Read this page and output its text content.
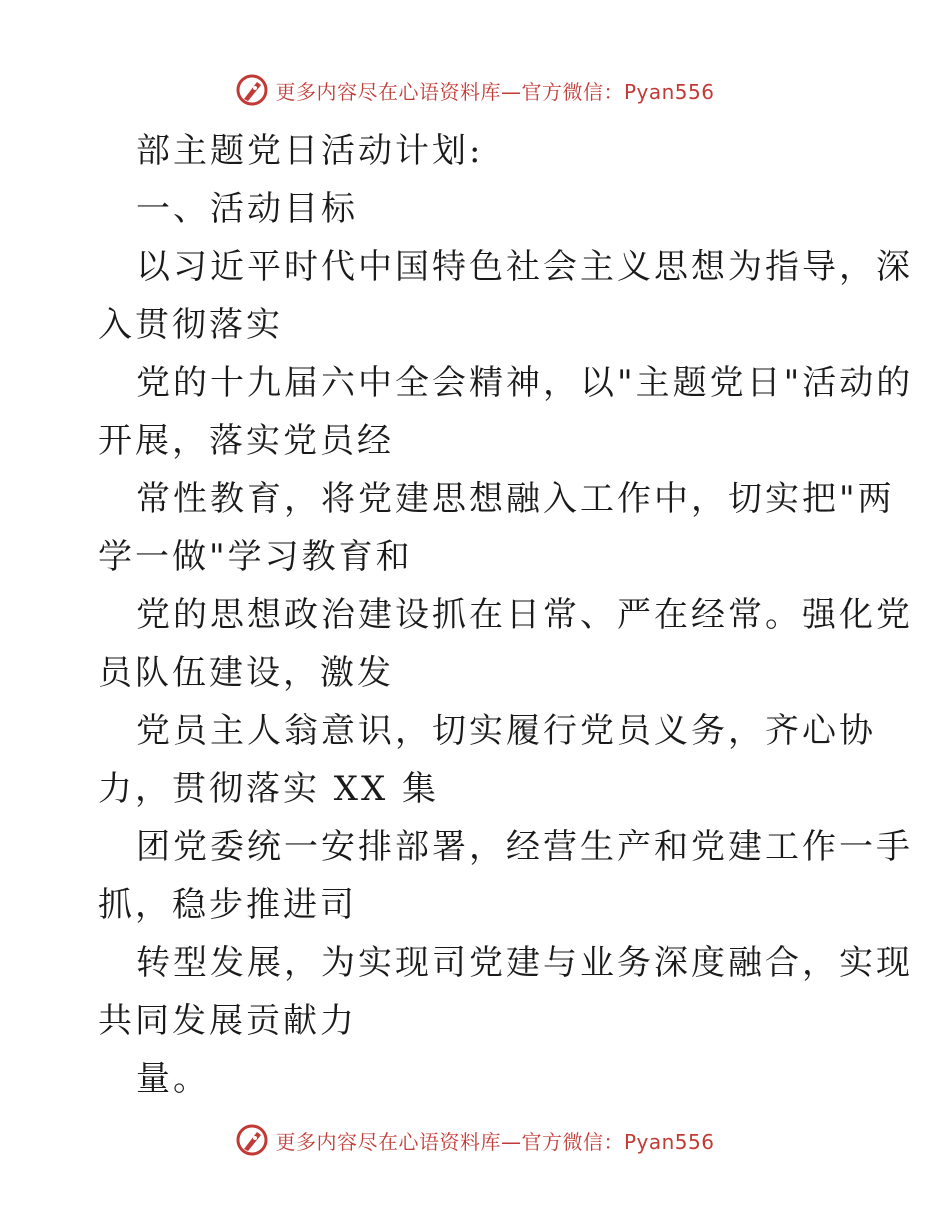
更多内容尽在心语资料库—官方微信：Pyan556
部主题党日活动计划:
一、活动目标
以习近平时代中国特色社会主义思想为指导，深
入贯彻落实
党的十九届六中全会精神，以"主题党日"活动的
开展，落实党员经
常性教育，将党建思想融入工作中，切实把"两
学一做"学习教育和
党的思想政治建设抓在日常、严在经常。强化党
员队伍建设，激发
党员主人翁意识，切实履行党员义务，齐心协
力，贯彻落实 XX 集
团党委统一安排部署，经营生产和党建工作一手
抓，稳步推进司
转型发展，为实现司党建与业务深度融合，实现
共同发展贡献力
量。
更多内容尽在心语资料库—官方微信：Pyan556
